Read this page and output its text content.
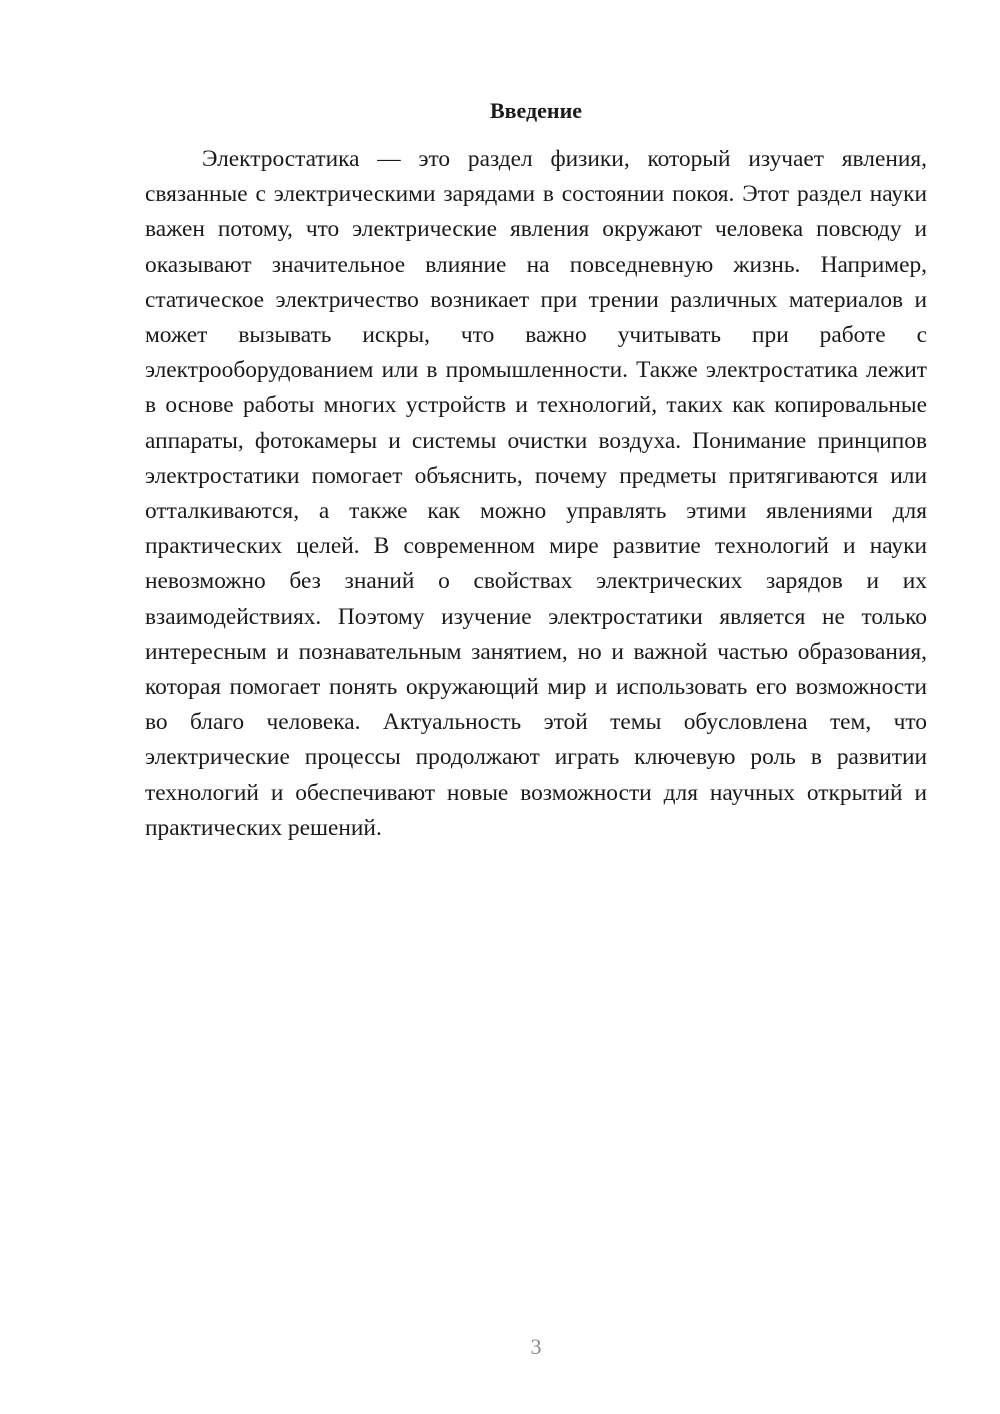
Введение

Электростатика — это раздел физики, который изучает явления, связанные с электрическими зарядами в состоянии покоя. Этот раздел науки важен потому, что электрические явления окружают человека повсюду и оказывают значительное влияние на повседневную жизнь. Например, статическое электричество возникает при трении различных материалов и может вызывать искры, что важно учитывать при работе с электрооборудованием или в промышленности. Также электростатика лежит в основе работы многих устройств и технологий, таких как копировальные аппараты, фотокамеры и системы очистки воздуха. Понимание принципов электростатики помогает объяснить, почему предметы притягиваются или отталкиваются, а также как можно управлять этими явлениями для практических целей. В современном мире развитие технологий и науки невозможно без знаний о свойствах электрических зарядов и их взаимодействиях. Поэтому изучение электростатики является не только интересным и познавательным занятием, но и важной частью образования, которая помогает понять окружающий мир и использовать его возможности во благо человека. Актуальность этой темы обусловлена тем, что электрические процессы продолжают играть ключевую роль в развитии технологий и обеспечивают новые возможности для научных открытий и практических решений.

3
